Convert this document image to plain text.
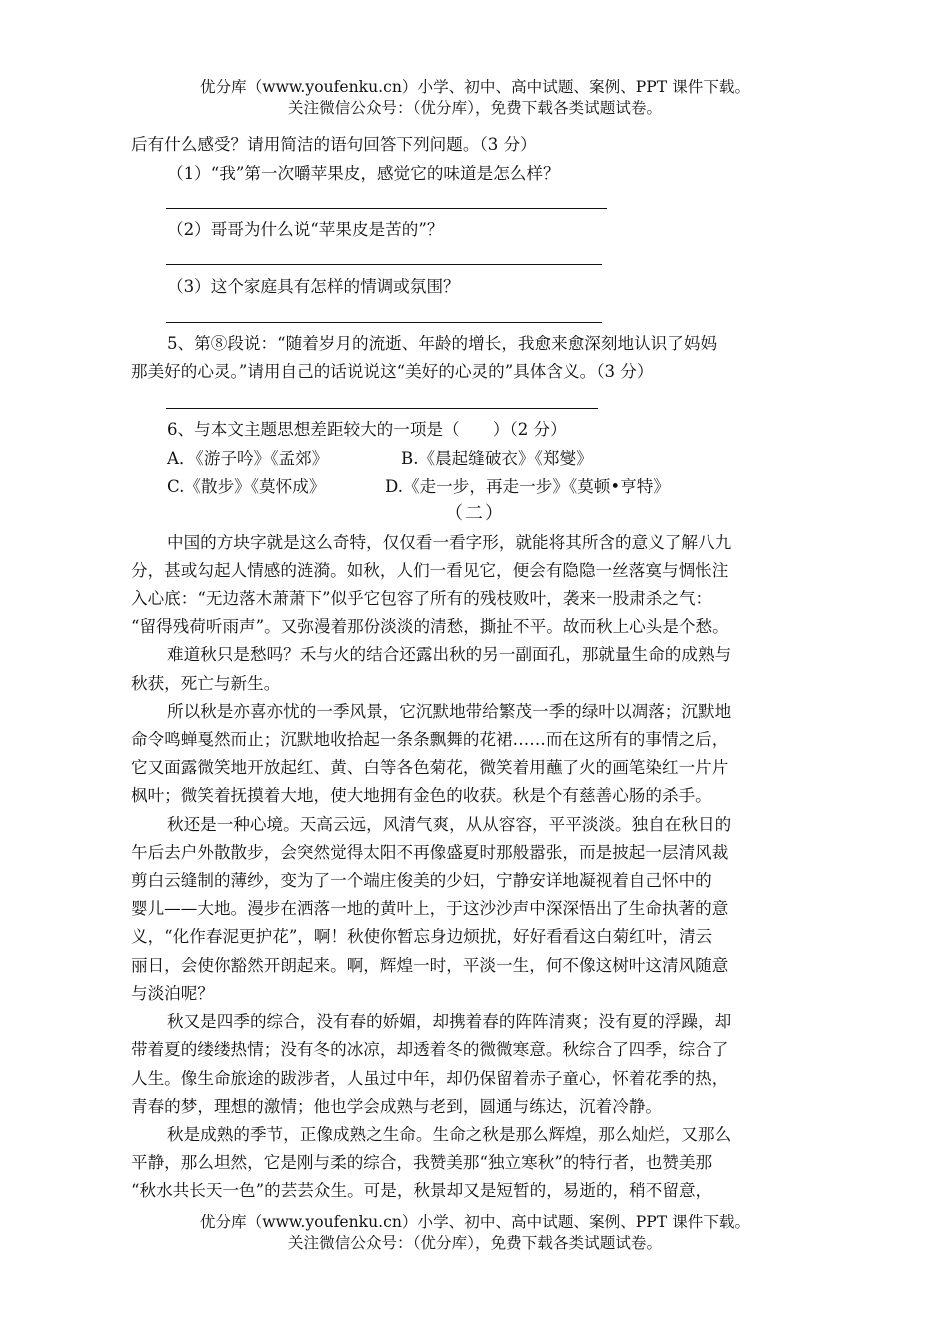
优分库（www.youfenku.cn）小学、初中、高中试题、案例、PPT 课件下载。
关注微信公众号：（优分库），免费下载各类试题试卷。
后有什么感受？请用简洁的语句回答下列问题。（3 分）
（1）“我”第一次嚼苹果皮，感觉它的味道是怎么样？
（2）哥哥为什么说“苹果皮是苦的”？
（3）这个家庭具有怎样的情调或氛围？
5、第⑧段说：“随着岁月的流逝、年龄的增长，我愈来愈深刻地认识了妈妈
那美好的心灵。”请用自己的话说说这“美好的心灵的”具体含义。（3 分）
6、与本文主题思想差距较大的一项是（　　）（2 分）
A．《游子吟》《孟郊》	B.《晨起缝破衣》《郑燮》
C.《散步》《莫怀成》	D.《走一步，再走一步》《莫顿•亨特》
（二）
中国的方块字就是这么奇特，仅仅看一看字形，就能将其所含的意义了解八九
分，甚或勾起人情感的涟漪。如秋，人们一看见它，便会有隐隐一丝落寞与惆怅注
入心底：“无边落木萧萧下”似乎它包容了所有的残枝败叶，袭来一股肃杀之气：
“留得残荷听雨声”。又弥漫着那份淡淡的清愁，撕扯不平。故而秋上心头是个愁。
难道秋只是愁吗？禾与火的结合还露出秋的另一副面孔，那就量生命的成熟与
秋获，死亡与新生。
所以秋是亦喜亦忧的一季风景，它沉默地带给繁茂一季的绿叶以凋落；沉默地
命令鸣蝉戛然而止；沉默地收拾起一条条飘舞的花裙……而在这所有的事情之后，
它又面露微笑地开放起红、黄、白等各色菊花，微笑着用蘸了火的画笔染红一片片
枫叶；微笑着抚摸着大地，使大地拥有金色的收获。秋是个有慈善心肠的杀手。
秋还是一种心境。天高云远，风清气爽，从从容容，平平淡淡。独自在秋日的
午后去户外散散步，会突然觉得太阳不再像盛夏时那般嚣张，而是披起一层清风裁
剪白云缝制的薄纱，变为了一个端庄俊美的少妇，宁静安详地凝视着自己怀中的
婴儿——大地。漫步在洒落一地的黄叶上，于这沙沙声中深深悟出了生命执著的意
义，“化作春泥更护花”，啊！秋使你暂忘身边烦扰，好好看看这白菊红叶，清云
丽日，会使你豁然开朗起来。啊，辉煌一时，平淡一生，何不像这树叶这清风随意
与淡泊呢？
秋又是四季的综合，没有春的娇媚，却携着春的阵阵清爽；没有夏的浮躁，却
带着夏的缕缕热情；没有冬的冰凉，却透着冬的微微寒意。秋综合了四季，综合了
人生。像生命旅途的跋涉者，人虽过中年，却仍保留着赤子童心，怀着花季的热，
青春的梦，理想的激情；他也学会成熟与老到，圆通与练达，沉着冷静。
秋是成熟的季节，正像成熟之生命。生命之秋是那么辉煌，那么灿烂，又那么
平静，那么坦然，它是刚与柔的综合，我赞美那“独立寒秋”的特行者，也赞美那
“秋水共长天一色”的芸芸众生。可是，秋景却又是短暂的，易逝的，稍不留意，
优分库（www.youfenku.cn）小学、初中、高中试题、案例、PPT 课件下载。
关注微信公众号：（优分库），免费下载各类试题试卷。
